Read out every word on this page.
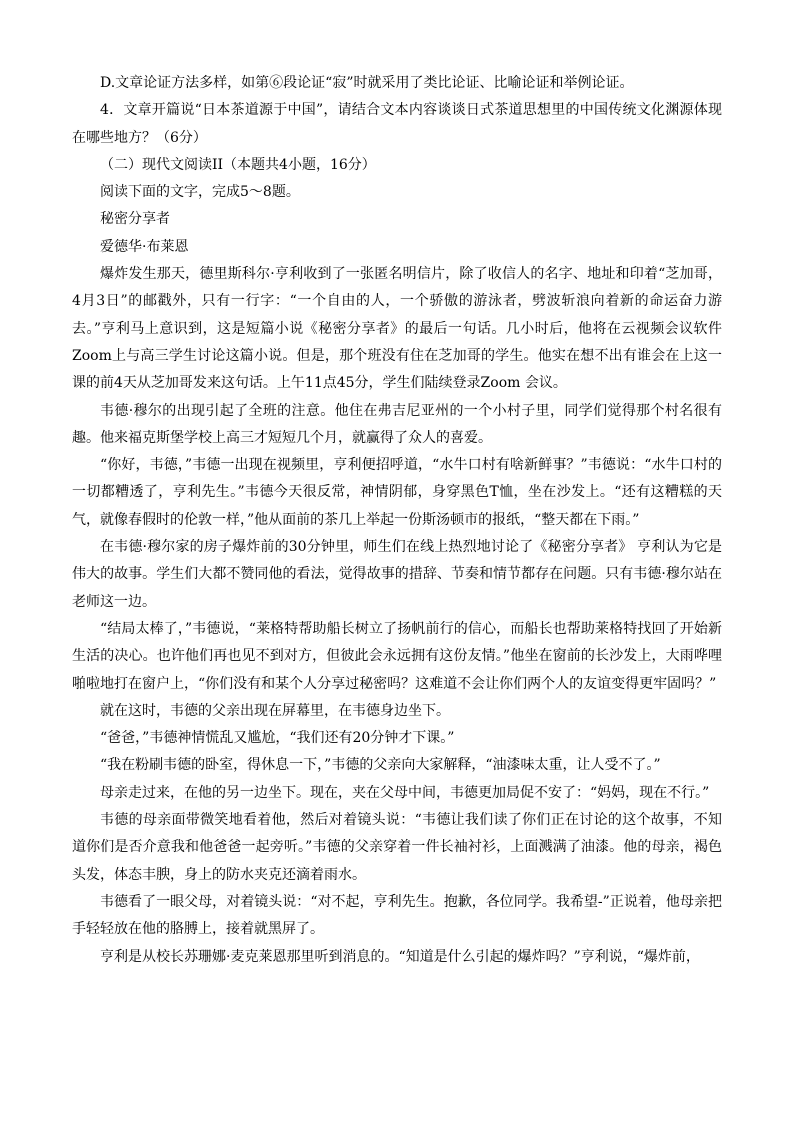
D.文章论证方法多样，如第⑥段论证“寂”时就采用了类比论证、比喻论证和举例论证。

4．文章开篇说“日本茶道源于中国”，请结合文本内容谈谈日式茶道思想里的中国传统文化渊源体现在哪些地方？（6分）

（二）现代文阅读II（本题共4小题，16分）

阅读下面的文字，完成5～8题。

秘密分享者

爱德华·布莱恩

爆炸发生那天，德里斯科尔·亨利收到了一张匿名明信片，除了收信人的名字、地址和印着“芝加哥，4月3日”的邮戳外，只有一行字：“一个自由的人，一个骄傲的游泳者，劈波斩浪向着新的命运奋力游去。”亨利马上意识到，这是短篇小说《秘密分享者》的最后一句话。几小时后，他将在云视频会议软件Zoom上与高三学生讨论这篇小说。但是，那个班没有住在芝加哥的学生。他实在想不出有谁会在上这一课的前4天从芝加哥发来这句话。上午11点45分，学生们陆续登录Zoom 会议。

韦德·穆尔的出现引起了全班的注意。他住在弗吉尼亚州的一个小村子里，同学们觉得那个村名很有趣。他来福克斯堡学校上高三才短短几个月，就赢得了众人的喜爱。

“你好，韦德，”韦德一出现在视频里，亨利便招呼道，“水牛口村有啥新鲜事？”韦德说：“水牛口村的一切都糟透了，亨利先生。”韦德今天很反常，神情阴郁，身穿黑色T恤，坐在沙发上。“还有这糟糕的天气，就像春假时的伦敦一样，”他从面前的茶几上举起一份斯汤顿市的报纸，“整天都在下雨。”

在韦德·穆尔家的房子爆炸前的30分钟里，师生们在线上热烈地讨论了《秘密分享者》 亨利认为它是伟大的故事。学生们大都不赞同他的看法，觉得故事的措辞、节奏和情节都存在问题。只有韦德·穆尔站在老师这一边。

“结局太棒了，”韦德说，“莱格特帮助船长树立了扬帆前行的信心，而船长也帮助莱格特找回了开始新生活的决心。也许他们再也见不到对方，但彼此会永远拥有这份友情。”他坐在窗前的长沙发上，大雨哗哩啪啦地打在窗户上，“你们没有和某个人分享过秘密吗？这难道不会让你们两个人的友谊变得更牢固吗？”

就在这时，韦德的父亲出现在屏幕里，在韦德身边坐下。

“爸爸，”韦德神情慌乱又尴尬，“我们还有20分钟才下课。”

“我在粉刷韦德的卧室，得休息一下，”韦德的父亲向大家解释，“油漆味太重，让人受不了。”

母亲走过来，在他的另一边坐下。现在，夹在父母中间，韦德更加局促不安了：“妈妈，现在不行。”

韦德的母亲面带微笑地看着他，然后对着镜头说：“韦德让我们读了你们正在讨论的这个故事，不知道你们是否介意我和他爸爸一起旁听。”韦德的父亲穿着一件长袖衬衫，上面溅满了油漆。他的母亲，褐色头发，体态丰腴，身上的防水夹克还滴着雨水。

韦德看了一眼父母，对着镜头说：“对不起，亨利先生。抱歉，各位同学。我希望-”正说着，他母亲把手轻轻放在他的胳膊上，接着就黑屏了。

亨利是从校长苏珊娜·麦克莱恩那里听到消息的。“知道是什么引起的爆炸吗？”亨利说，“爆炸前，
